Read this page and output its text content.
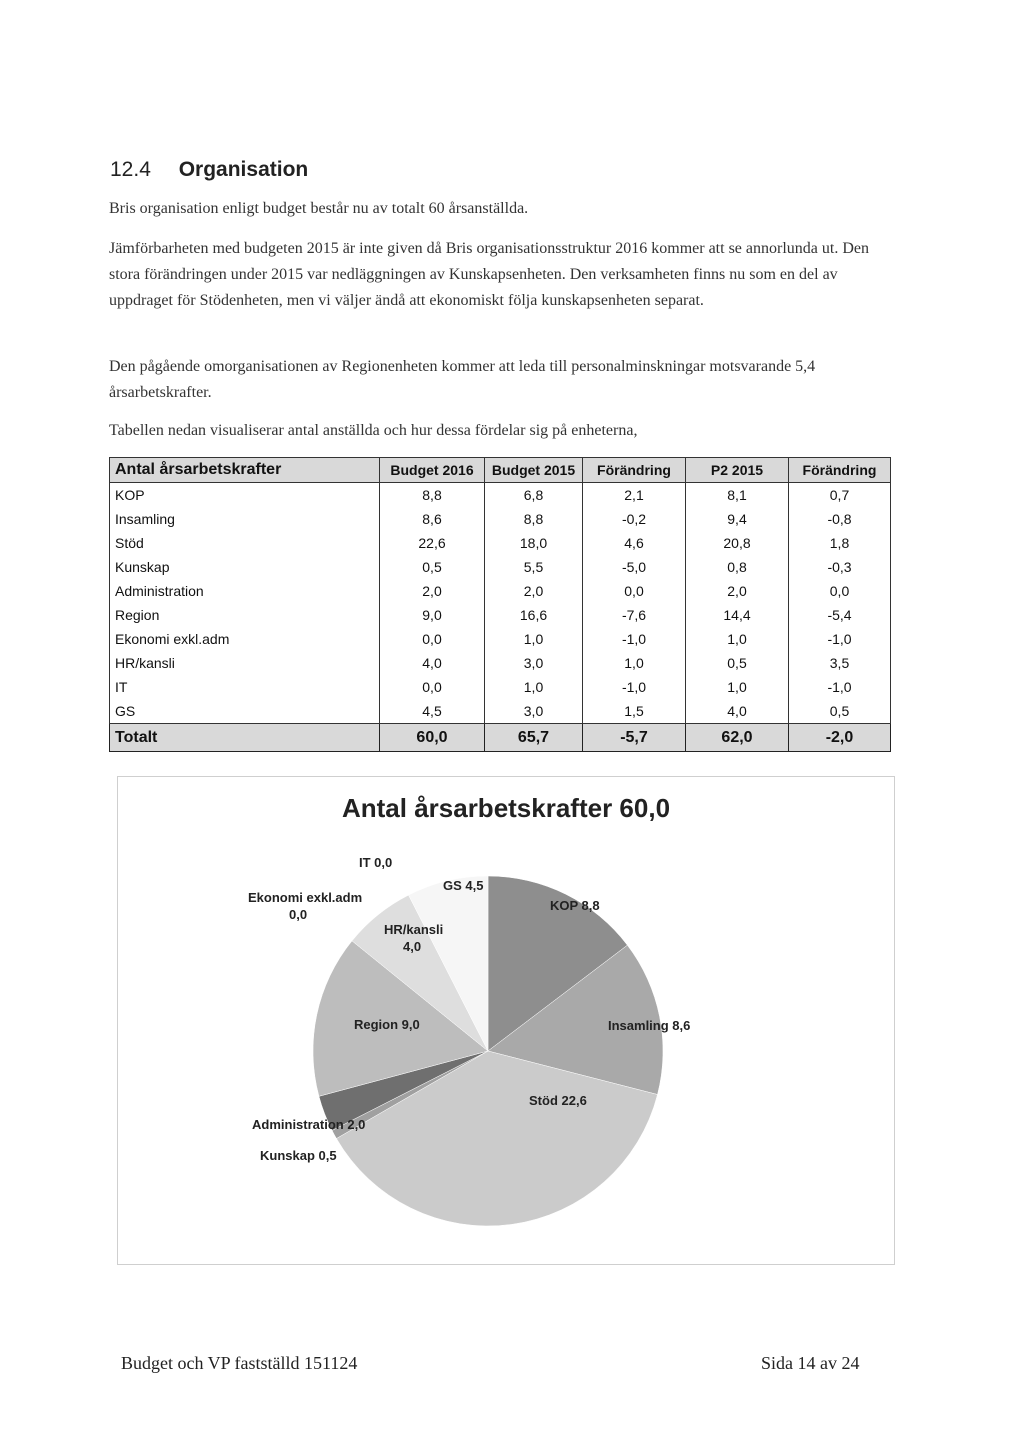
12.4 Organisation

Bris organisation enligt budget består nu av totalt 60 årsanställda.

Jämförbarheten med budgeten 2015 är inte given då Bris organisationsstruktur 2016 kommer att se annorlunda ut. Den stora förändringen under 2015 var nedläggningen av Kunskapsenheten. Den verksamheten finns nu som en del av uppdraget för Stödenheten, men vi väljer ändå att ekonomiskt följa kunskapsenheten separat.

Den pågående omorganisationen av Regionenheten kommer att leda till personalminskningar motsvarande 5,4 årsarbetskrafter.

Tabellen nedan visualiserar antal anställda och hur dessa fördelar sig på enheterna,

Antal årsarbetskrafter	Budget 2016	Budget 2015	Förändring	P2 2015	Förändring
KOP	8,8	6,8	2,1	8,1	0,7
Insamling	8,6	8,8	-0,2	9,4	-0,8
Stöd	22,6	18,0	4,6	20,8	1,8
Kunskap	0,5	5,5	-5,0	0,8	-0,3
Administration	2,0	2,0	0,0	2,0	0,0
Region	9,0	16,6	-7,6	14,4	-5,4
Ekonomi exkl.adm	0,0	1,0	-1,0	1,0	-1,0
HR/kansli	4,0	3,0	1,0	0,5	3,5
IT	0,0	1,0	-1,0	1,0	-1,0
GS	4,5	3,0	1,5	4,0	0,5
Totalt	60,0	65,7	-5,7	62,0	-2,0
Antal årsarbetskrafter 60,0
KOP 8,8
Insamling 8,6
Stöd 22,6
Kunskap 0,5
Administration 2,0
Region 9,0
Ekonomi exkl.adm 0,0
HR/kansli 4,0
IT 0,0
GS 4,5
Budget och VP fastställd 151124	Sida 14 av 24
